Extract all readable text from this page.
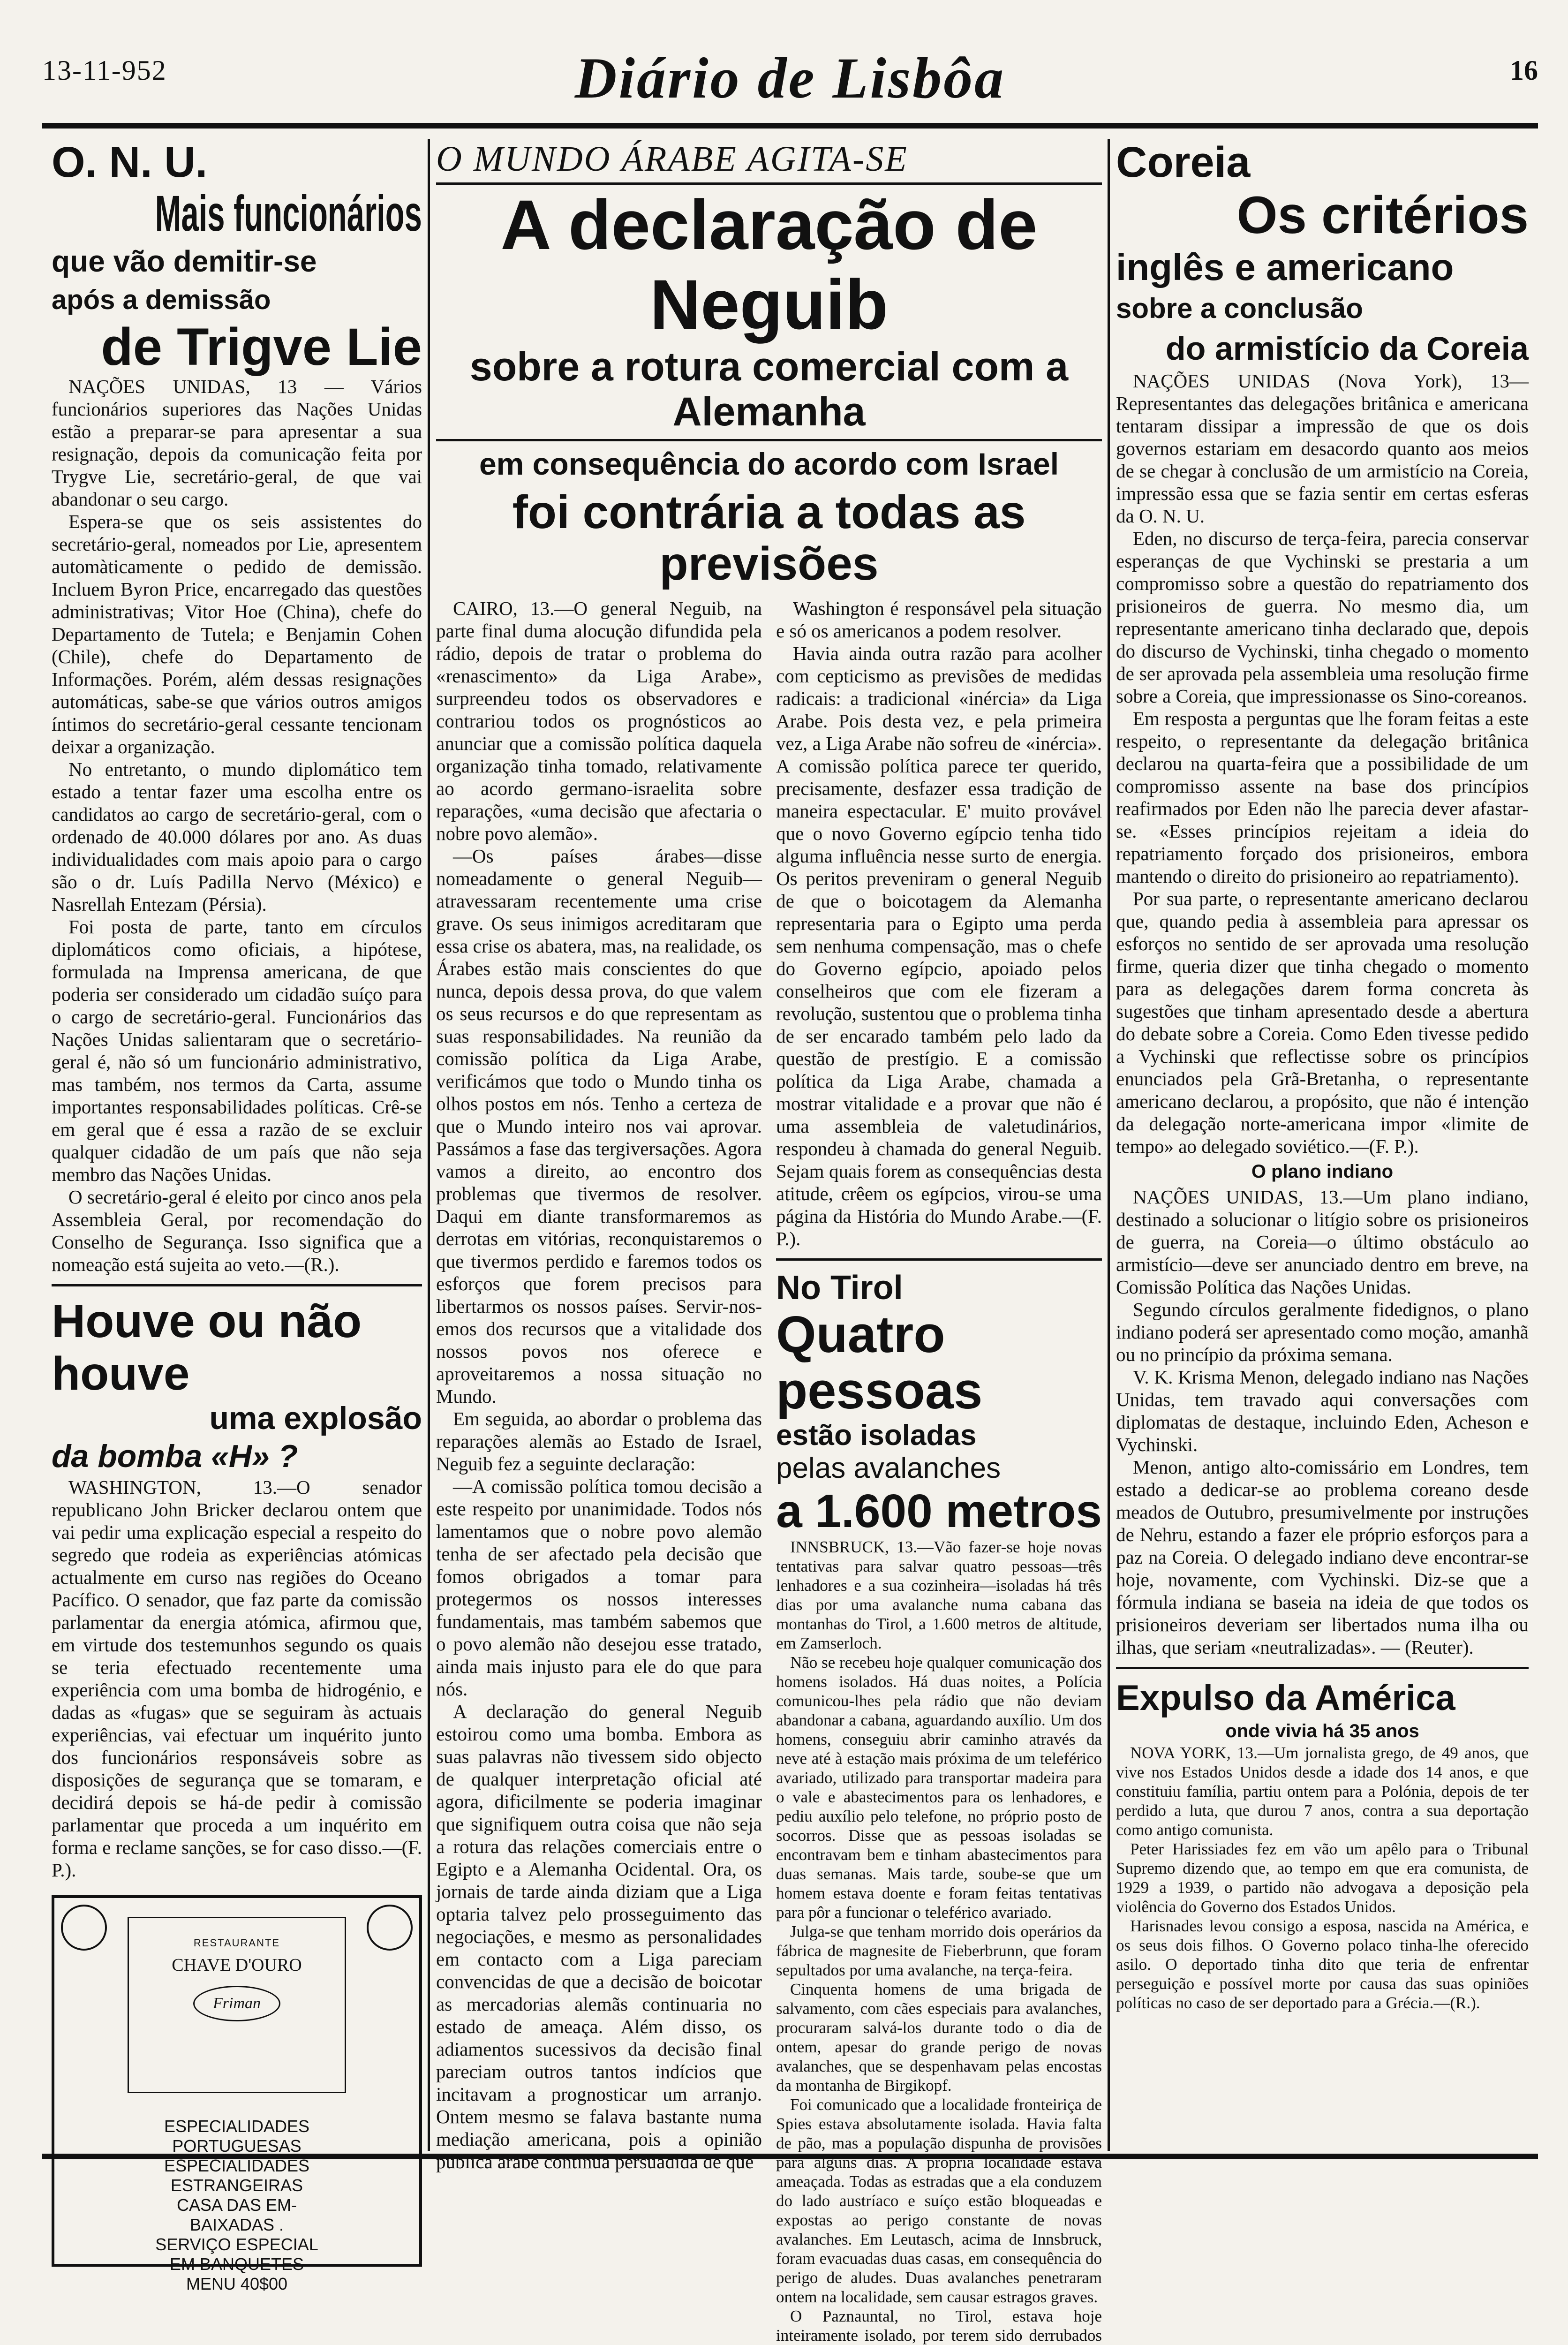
13-11-952	Diário de Lisbôa	16
O. N. U.
Mais funcionários
que vão demitir-se
após a demissão
de Trigve Lie

NAÇÕES UNIDAS, 13 — Vários funcionários superiores das Nações Unidas estão a preparar-se para apresentar a sua resignação, depois da comunicação feita por Trygve Lie, secretário-geral, de que vai abandonar o seu cargo.

Espera-se que os seis assistentes do secretário-geral, nomeados por Lie, apresentem automàticamente o pedido de demissão. Incluem Byron Price, encarregado das questões administrativas; Vitor Hoe (China), chefe do Departamento de Tutela; e Benjamin Cohen (Chile), chefe do Departamento de Informações. Porém, além dessas resignações automáticas, sabe-se que vários outros amigos íntimos do secretário-geral cessante tencionam deixar a organização.

No entretanto, o mundo diplomático tem estado a tentar fazer uma escolha entre os candidatos ao cargo de secretário-geral, com o ordenado de 40.000 dólares por ano. As duas individualidades com mais apoio para o cargo são o dr. Luís Padilla Nervo (México) e Nasrellah Entezam (Pérsia).

Foi posta de parte, tanto em círculos diplomáticos como oficiais, a hipótese, formulada na Imprensa americana, de que poderia ser considerado um cidadão suíço para o cargo de secretário-geral. Funcionários das Nações Unidas salientaram que o secretário-geral é, não só um funcionário administrativo, mas também, nos termos da Carta, assume importantes responsabilidades políticas. Crê-se em geral que é essa a razão de se excluir qualquer cidadão de um país que não seja membro das Nações Unidas.

O secretário-geral é eleito por cinco anos pela Assembleia Geral, por recomendação do Conselho de Segurança. Isso significa que a nomeação está sujeita ao veto.—(R.).

Houve ou não houve
uma explosão
da bomba «H» ?

WASHINGTON, 13.—O senador republicano John Bricker declarou ontem que vai pedir uma explicação especial a respeito do segredo que rodeia as experiências atómicas actualmente em curso nas regiões do Oceano Pacífico. O senador, que faz parte da comissão parlamentar da energia atómica, afirmou que, em virtude dos testemunhos segundo os quais se teria efectuado recentemente uma experiência com uma bomba de hidrogénio, e dadas as «fugas» que se seguiram às actuais experiências, vai efectuar um inquérito junto dos funcionários responsáveis sobre as disposições de segurança que se tomaram, e decidirá depois se há-de pedir à comissão parlamentar que proceda a um inquérito em forma e reclame sanções, se for caso disso.—(F. P.).

RESTAURANTE
CHAVE D'OURO
Friman
ESPECIALIDADES
PORTUGUESAS
ESPECIALIDADES
ESTRANGEIRAS
CASA DAS EM-
BAIXADAS .
SERVIÇO ESPECIAL
EM BANQUETES
MENU 40$00
O MUNDO ÁRABE AGITA-SE
A declaração de Neguib
sobre a rotura comercial com a Alemanha
em consequência do acordo com Israel
foi contrária a todas as previsões

CAIRO, 13.—O general Neguib, na parte final duma alocução difundida pela rádio, depois de tratar o problema do «renascimento» da Liga Arabe», surpreendeu todos os observadores e contrariou todos os prognósticos ao anunciar que a comissão política daquela organização tinha tomado, relativamente ao acordo germano-israelita sobre reparações, «uma decisão que afectaria o nobre povo alemão».

—Os países árabes—disse nomeadamente o general Neguib—atravessaram recentemente uma crise grave. Os seus inimigos acreditaram que essa crise os abatera, mas, na realidade, os Árabes estão mais conscientes do que nunca, depois dessa prova, do que valem os seus recursos e do que representam as suas responsabilidades. Na reunião da comissão política da Liga Arabe, verificámos que todo o Mundo tinha os olhos postos em nós. Tenho a certeza de que o Mundo inteiro nos vai aprovar. Passámos a fase das tergiversações. Agora vamos a direito, ao encontro dos problemas que tivermos de resolver. Daqui em diante transformaremos as derrotas em vitórias, reconquistaremos o que tivermos perdido e faremos todos os esforços que forem precisos para libertarmos os nossos países. Servir-nos-emos dos recursos que a vitalidade dos nossos povos nos oferece e aproveitaremos a nossa situação no Mundo.

Em seguida, ao abordar o problema das reparações alemãs ao Estado de Israel, Neguib fez a seguinte declaração:

—A comissão política tomou decisão a este respeito por unanimidade. Todos nós lamentamos que o nobre povo alemão tenha de ser afectado pela decisão que fomos obrigados a tomar para protegermos os nossos interesses fundamentais, mas também sabemos que o povo alemão não desejou esse tratado, ainda mais injusto para ele do que para nós.

A declaração do general Neguib estoirou como uma bomba. Embora as suas palavras não tivessem sido objecto de qualquer interpretação oficial até agora, dificilmente se poderia imaginar que signifiquem outra coisa que não seja a rotura das relações comerciais entre o Egipto e a Alemanha Ocidental. Ora, os jornais de tarde ainda diziam que a Liga optaria talvez pelo prosseguimento das negociações, e mesmo as personalidades em contacto com a Liga pareciam convencidas de que a decisão de boicotar as mercadorias alemãs continuaria no estado de ameaça. Além disso, os adiamentos sucessivos da decisão final pareciam outros tantos indícios que incitavam a prognosticar um arranjo. Ontem mesmo se falava bastante numa mediação americana, pois a opinião pública árabe continua persuadida de que

Washington é responsável pela situação e só os americanos a podem resolver.

Havia ainda outra razão para acolher com cepticismo as previsões de medidas radicais: a tradicional «inércia» da Liga Arabe. Pois desta vez, e pela primeira vez, a Liga Arabe não sofreu de «inércia». A comissão política parece ter querido, precisamente, desfazer essa tradição de maneira espectacular. E' muito provável que o novo Governo egípcio tenha tido alguma influência nesse surto de energia. Os peritos preveniram o general Neguib de que o boicotagem da Alemanha representaria para o Egipto uma perda sem nenhuma compensação, mas o chefe do Governo egípcio, apoiado pelos conselheiros que com ele fizeram a revolução, sustentou que o problema tinha de ser encarado também pelo lado da questão de prestígio. E a comissão política da Liga Arabe, chamada a mostrar vitalidade e a provar que não é uma assembleia de valetudinários, respondeu à chamada do general Neguib. Sejam quais forem as consequências desta atitude, crêem os egípcios, virou-se uma página da História do Mundo Arabe.—(F. P.).

No Tirol
Quatro pessoas
estão isoladas
pelas avalanches
a 1.600 metros

INNSBRUCK, 13.—Vão fazer-se hoje novas tentativas para salvar quatro pessoas—três lenhadores e a sua cozinheira—isoladas há três dias por uma avalanche numa cabana das montanhas do Tirol, a 1.600 metros de altitude, em Zamserloch.

Não se recebeu hoje qualquer comunicação dos homens isolados. Há duas noites, a Polícia comunicou-lhes pela rádio que não deviam abandonar a cabana, aguardando auxílio. Um dos homens, conseguiu abrir caminho através da neve até à estação mais próxima de um teleférico avariado, utilizado para transportar madeira para o vale e abastecimentos para os lenhadores, e pediu auxílio pelo telefone, no próprio posto de socorros. Disse que as pessoas isoladas se encontravam bem e tinham abastecimentos para duas semanas. Mais tarde, soube-se que um homem estava doente e foram feitas tentativas para pôr a funcionar o teleférico avariado.

Julga-se que tenham morrido dois operários da fábrica de magnesite de Fieberbrunn, que foram sepultados por uma avalanche, na terça-feira.

Cinquenta homens de uma brigada de salvamento, com cães especiais para avalanches, procuraram salvá-los durante todo o dia de ontem, apesar do grande perigo de novas avalanches, que se despenhavam pelas encostas da montanha de Birgikopf.

Foi comunicado que a localidade fronteiriça de Spies estava absolutamente isolada. Havia falta de pão, mas a população dispunha de provisões para alguns dias. A própria localidade estava ameaçada. Todas as estradas que a ela conduzem do lado austríaco e suíço estão bloqueadas e expostas ao perigo constante de novas avalanches. Em Leutasch, acima de Innsbruck, foram evacuadas duas casas, em consequência do perigo de aludes. Duas avalanches penetraram ontem na localidade, sem causar estragos graves.

O Paznauntal, no Tirol, estava hoje inteiramente isolado, por terem sido derrubados

Coreia
Os critérios
inglês e americano
sobre a conclusão
do armistício da Coreia

NAÇÕES UNIDAS (Nova York), 13—Representantes das delegações britânica e americana tentaram dissipar a impressão de que os dois governos estariam em desacordo quanto aos meios de se chegar à conclusão de um armistício na Coreia, impressão essa que se fazia sentir em certas esferas da O. N. U.

Eden, no discurso de terça-feira, parecia conservar esperanças de que Vychinski se prestaria a um compromisso sobre a questão do repatriamento dos prisioneiros de guerra. No mesmo dia, um representante americano tinha declarado que, depois do discurso de Vychinski, tinha chegado o momento de ser aprovada pela assembleia uma resolução firme sobre a Coreia, que impressionasse os Sino-coreanos.

Em resposta a perguntas que lhe foram feitas a este respeito, o representante da delegação britânica declarou na quarta-feira que a possibilidade de um compromisso assente na base dos princípios reafirmados por Eden não lhe parecia dever afastar-se. «Esses princípios rejeitam a ideia do repatriamento forçado dos prisioneiros, embora mantendo o direito do prisioneiro ao repatriamento).

Por sua parte, o representante americano declarou que, quando pedia à assembleia para apressar os esforços no sentido de ser aprovada uma resolução firme, queria dizer que tinha chegado o momento para as delegações darem forma concreta às sugestões que tinham apresentado desde a abertura do debate sobre a Coreia. Como Eden tivesse pedido a Vychinski que reflectisse sobre os princípios enunciados pela Grã-Bretanha, o representante americano declarou, a propósito, que não é intenção da delegação norte-americana impor «limite de tempo» ao delegado soviético.—(F. P.).

O plano indiano

NAÇÕES UNIDAS, 13.—Um plano indiano, destinado a solucionar o litígio sobre os prisioneiros de guerra, na Coreia—o último obstáculo ao armistício—deve ser anunciado dentro em breve, na Comissão Política das Nações Unidas.

Segundo círculos geralmente fidedignos, o plano indiano poderá ser apresentado como moção, amanhã ou no princípio da próxima semana.

V. K. Krisma Menon, delegado indiano nas Nações Unidas, tem travado aqui conversações com diplomatas de destaque, incluindo Eden, Acheson e Vychinski.

Menon, antigo alto-comissário em Londres, tem estado a dedicar-se ao problema coreano desde meados de Outubro, presumivelmente por instruções de Nehru, estando a fazer ele próprio esforços para a paz na Coreia. O delegado indiano deve encontrar-se hoje, novamente, com Vychinski. Diz-se que a fórmula indiana se baseia na ideia de que todos os prisioneiros deveriam ser libertados numa ilha ou ilhas, que seriam «neutralizadas». — (Reuter).

Expulso da América
onde vivia há 35 anos

NOVA YORK, 13.—Um jornalista grego, de 49 anos, que vive nos Estados Unidos desde a idade dos 14 anos, e que constituiu família, partiu ontem para a Polónia, depois de ter perdido a luta, que durou 7 anos, contra a sua deportação como antigo comunista.

Peter Harissiades fez em vão um apêlo para o Tribunal Supremo dizendo que, ao tempo em que era comunista, de 1929 a 1939, o partido não advogava a deposição pela violência do Governo dos Estados Unidos.

Harisnades levou consigo a esposa, nascida na América, e os seus dois filhos. O Governo polaco tinha-lhe oferecido asilo. O deportado tinha dito que teria de enfrentar perseguição e possível morte por causa das suas opiniões políticas no caso de ser deportado para a Grécia.—(R.).
